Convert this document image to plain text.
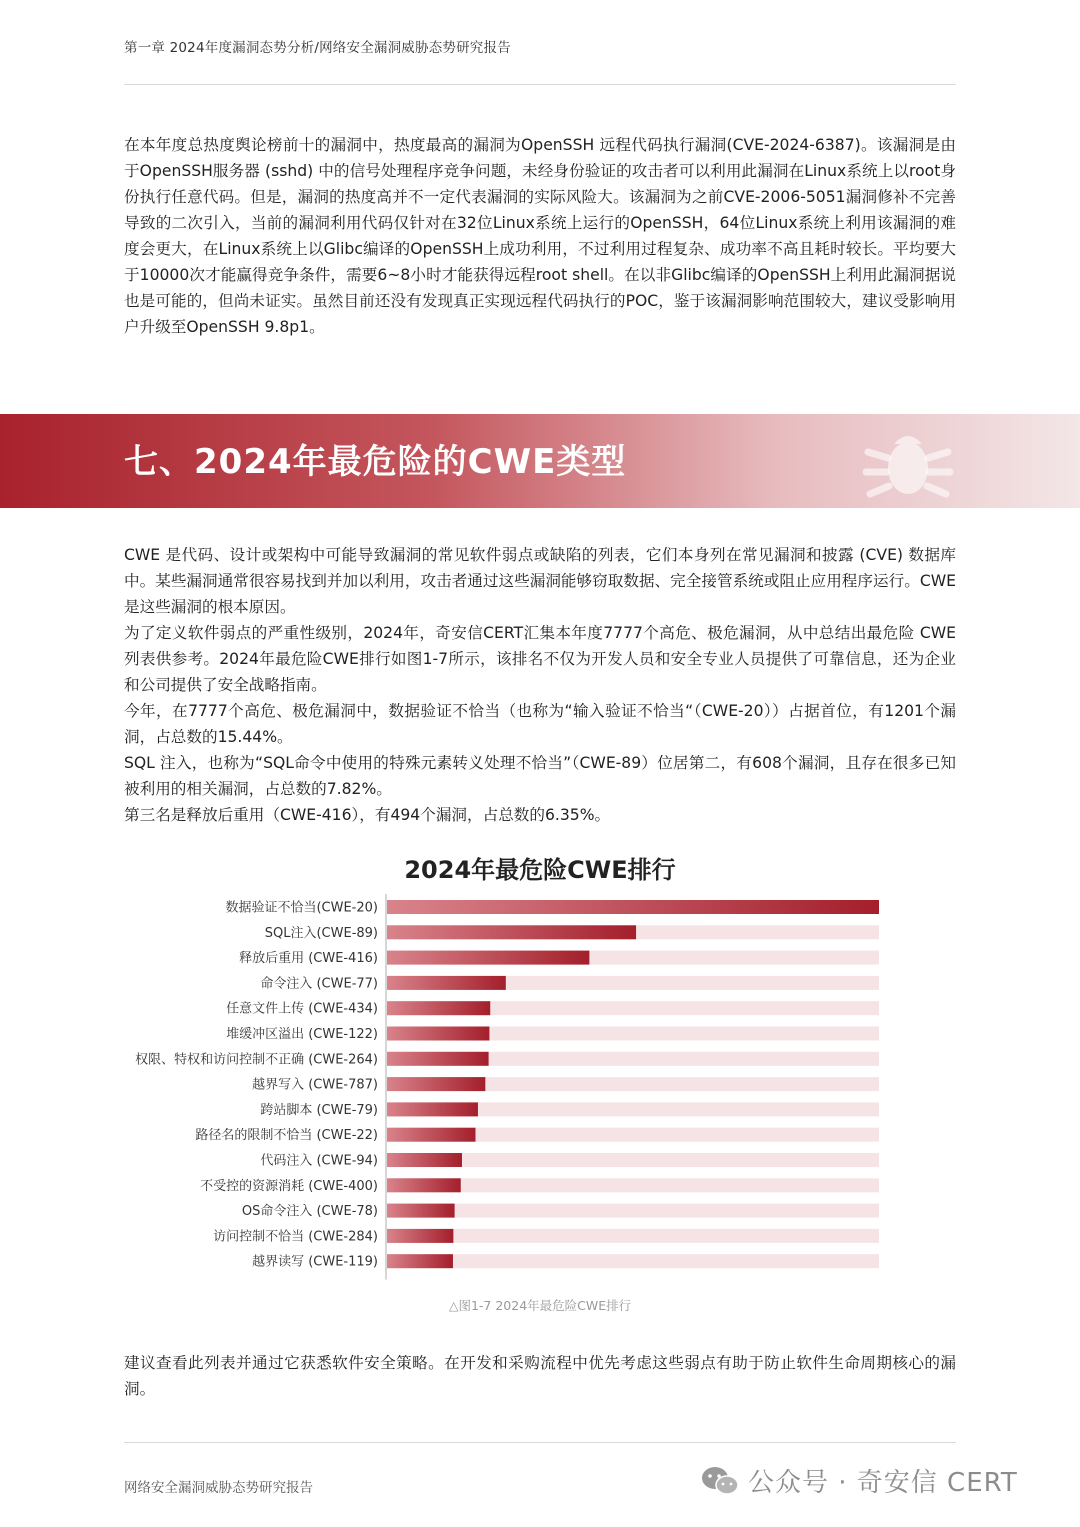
第一章 2024年度漏洞态势分析/网络安全漏洞威胁态势研究报告

在本年度总热度舆论榜前十的漏洞中，热度最高的漏洞为OpenSSH 远程代码执行漏洞(CVE-2024-6387)。该漏洞是由于OpenSSH服务器 (sshd) 中的信号处理程序竞争问题，未经身份验证的攻击者可以利用此漏洞在Linux系统上以root身份执行任意代码。但是，漏洞的热度高并不一定代表漏洞的实际风险大。该漏洞为之前CVE-2006-5051漏洞修补不完善导致的二次引入，当前的漏洞利用代码仅针对在32位Linux系统上运行的OpenSSH，64位Linux系统上利用该漏洞的难度会更大，在Linux系统上以Glibc编译的OpenSSH上成功利用，不过利用过程复杂、成功率不高且耗时较长。平均要大于10000次才能赢得竞争条件，需要6~8小时才能获得远程root shell。在以非Glibc编译的OpenSSH上利用此漏洞据说也是可能的，但尚未证实。虽然目前还没有发现真正实现远程代码执行的POC，鉴于该漏洞影响范围较大，建议受影响用户升级至OpenSSH 9.8p1。

七、2024年最危险的CWE类型

CWE 是代码、设计或架构中可能导致漏洞的常见软件弱点或缺陷的列表，它们本身列在常见漏洞和披露 (CVE) 数据库中。某些漏洞通常很容易找到并加以利用，攻击者通过这些漏洞能够窃取数据、完全接管系统或阻止应用程序运行。CWE 是这些漏洞的根本原因。

为了定义软件弱点的严重性级别，2024年，奇安信CERT汇集本年度7777个高危、极危漏洞，从中总结出最危险 CWE 列表供参考。2024年最危险CWE排行如图1-7所示，该排名不仅为开发人员和安全专业人员提供了可靠信息，还为企业和公司提供了安全战略指南。

今年，在7777个高危、极危漏洞中，数据验证不恰当（也称为“输入验证不恰当“（CWE-20））占据首位，有1201个漏洞，占总数的15.44%。

SQL 注入，也称为“SQL命令中使用的特殊元素转义处理不恰当”（CWE-89）位居第二，有608个漏洞，且存在很多已知被利用的相关漏洞，占总数的7.82%。

第三名是释放后重用（CWE-416），有494个漏洞，占总数的6.35%。

2024年最危险CWE排行
数据验证不恰当(CWE-20)
SQL注入(CWE-89)
释放后重用 (CWE-416)
命令注入 (CWE-77)
任意文件上传 (CWE-434)
堆缓冲区溢出 (CWE-122)
权限、特权和访问控制不正确 (CWE-264)
越界写入 (CWE-787)
跨站脚本 (CWE-79)
路径名的限制不恰当 (CWE-22)
代码注入 (CWE-94)
不受控的资源消耗 (CWE-400)
OS命令注入 (CWE-78)
访问控制不恰当 (CWE-284)
越界读写 (CWE-119)
△图1-7 2024年最危险CWE排行

建议查看此列表并通过它获悉软件安全策略。在开发和采购流程中优先考虑这些弱点有助于防止软件生命周期核心的漏洞。

网络安全漏洞威胁态势研究报告	公众号 · 奇安信 CERT
